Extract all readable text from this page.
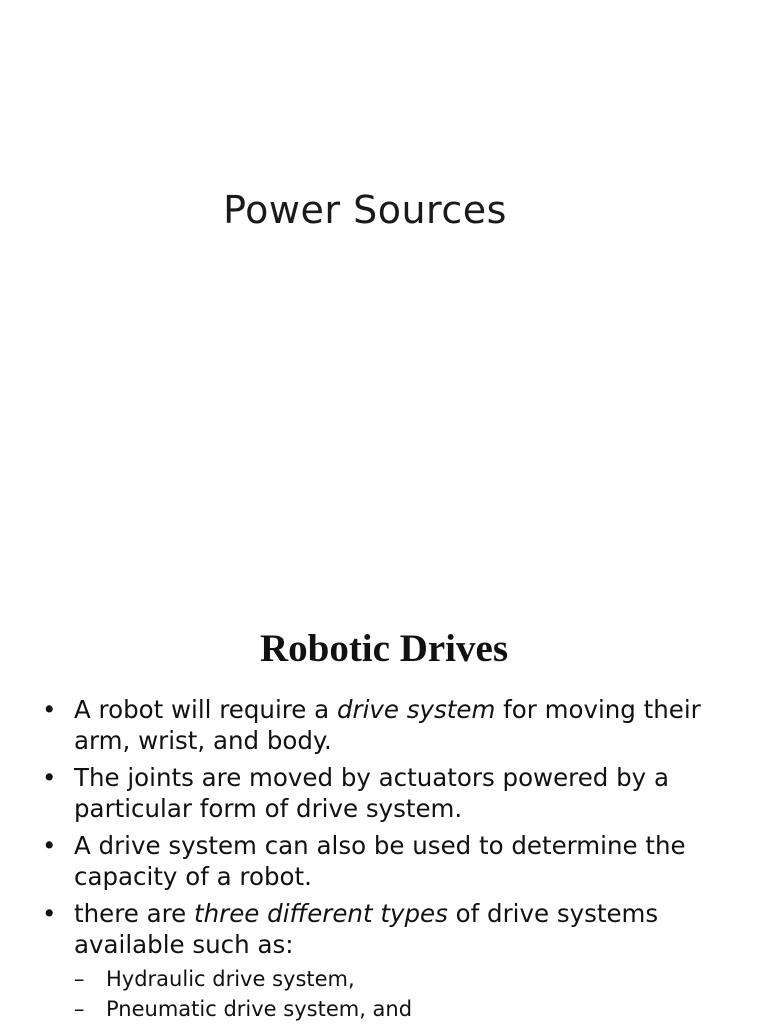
Power Sources
Robotic Drives
• A robot will require a drive system for moving their arm, wrist, and body.
• The joints are moved by actuators powered by a particular form of drive system.
• A drive system can also be used to determine the capacity of a robot.
• there are three different types of drive systems available such as:
– Hydraulic drive system,
– Pneumatic drive system, and
